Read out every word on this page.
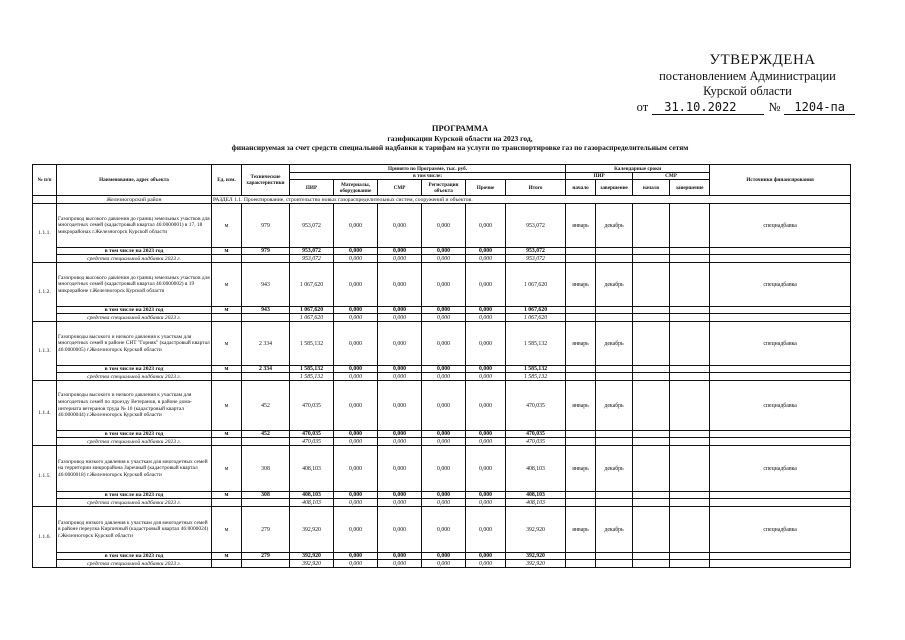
УТВЕРЖДЕНА
постановлением Администрации
Курской области
от	31.10.2022	№	1204-па
ПРОГРАММА
газификации Курской области на 2023 год,
финансируемая за счет средств специальной надбавки к тарифам на услуги по транспортировке газ по газораспределительным сетям
№ п/п	Наименование, адрес объекта	Ед. изм.	Технические характеристики	Принято по Программе, тыс. руб.						Календарные сроки				Источники финансирования
				в том числе:						ПИР		СМР		
				ПИР	Материалы, оборудование	СМР	Регистрация объекта	Прочие	Итого	начало	завершение	начало	завершение	
	Железногорский район	РАЗДЕЛ 1.1. Проектирование, строительство новых газораспределительных систем, сооружений и объектов.												
1.1.1.	Газопровод высокого давления до границ земельных участков для многодетных семей (кадастровый квартал 46:0000001) в 17, 18 микрорайонах г.Железногорск Курской области	м	979	953,072	0,000	0,000	0,000	0,000	953,072	январь	декабрь			спецнадбавка
	в том числе на 2023 год	м	979	953,072	0,000	0,000	0,000	0,000	953,072					
	средства специальной надбавки 2023 г.			953,072	0,000	0,000	0,000	0,000	953,072					
1.1.2.	Газопровод высокого давления до границ земельных участков для многодетных семей (кадастровый квартал 46:0000002) в 19 микрорайоне г.Железногорск Курской области	м	943	1 067,620	0,000	0,000	0,000	0,000	1 067,620	январь	декабрь			спецнадбавка
	в том числе на 2023 год	м	943	1 067,620	0,000	0,000	0,000	0,000	1 067,620					
	средства специальной надбавки 2023 г.			1 067,620	0,000	0,000	0,000	0,000	1 067,620					
1.1.3.	Газопроводы высокого и низкого давления к участкам для многодетных семей в районе СНТ "Горняк" (кадастровый квартал 46:0000005) г.Железногорск Курской области	м	2 334	1 585,132	0,000	0,000	0,000	0,000	1 585,132	январь	декабрь			спецнадбавка
	в том числе на 2023 год	м	2 334	1 585,132	0,000	0,000	0,000	0,000	1 585,132					
	средства специальной надбавки 2023 г.			1 585,132	0,000	0,000	0,000	0,000	1 585,132					
1.1.4.	Газопроводы высокого и низкого давления к участкам для многодетных семей по проезду Ветеранов, в районе дома-интерната ветеранов труда № 10 (кадастровый квартал 46:0000044) г.Железногорск Курской области	м	452	470,035	0,000	0,000	0,000	0,000	470,035	январь	декабрь			спецнадбавка
	в том числе на 2023 год	м	452	470,035	0,000	0,000	0,000	0,000	470,035					
	средства специальной надбавки 2023 г.			470,035	0,000	0,000	0,000	0,000	470,035					
1.1.5.	Газопровод низкого давления к участкам для многодетных семей на территории микрорайона Заречный (кадастровый квартал 46:0000018) г.Железногорск Курской области	м	308	408,103	0,000	0,000	0,000	0,000	408,103	январь	декабрь			спецнадбавка
	в том числе на 2023 год	м	308	408,103	0,000	0,000	0,000	0,000	408,103					
	средства специальной надбавки 2023 г.			408,103	0,000	0,000	0,000	0,000	408,103					
1.1.6.	Газопровод низкого давления к участкам для многодетных семей в районе переулка Кирпичный (кадастровый квартал 46:0000024) г.Железногорск Курской области	м	279	392,920	0,000	0,000	0,000	0,000	392,920	январь	декабрь			спецнадбавка
	в том числе на 2023 год	м	279	392,920	0,000	0,000	0,000	0,000	392,920					
	средства специальной надбавки 2023 г.			392,920	0,000	0,000	0,000	0,000	392,920					
